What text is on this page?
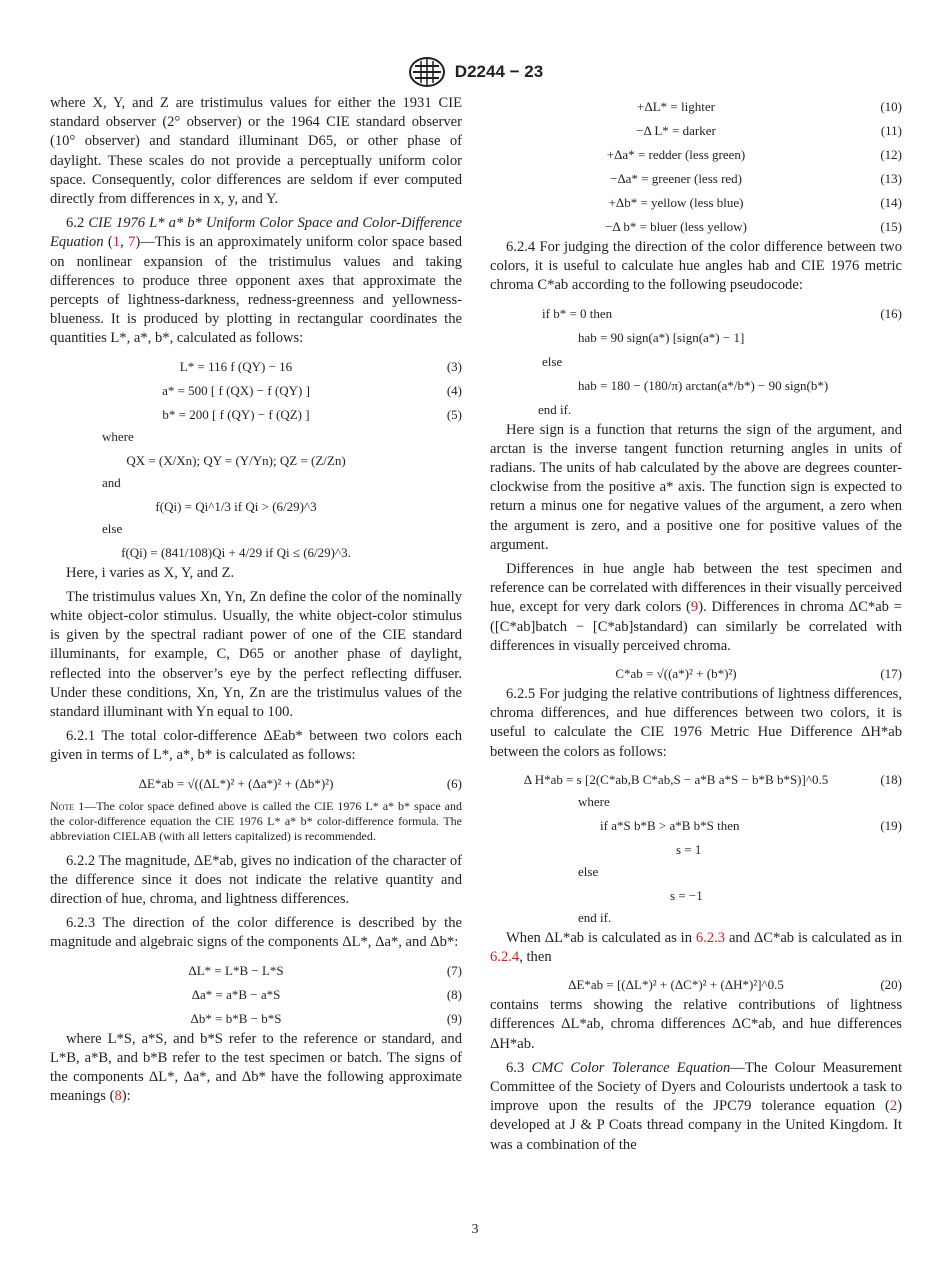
D2244 − 23

where X, Y, and Z are tristimulus values for either the 1931 CIE standard observer (2° observer) or the 1964 CIE standard observer (10° observer) and standard illuminant D65, or other phase of daylight. These scales do not provide a perceptually uniform color space. Consequently, color differences are seldom if ever computed directly from differences in x, y, and Y.

6.2 CIE 1976 L* a* b* Uniform Color Space and Color-Difference Equation (1, 7)—This is an approximately uniform color space based on nonlinear expansion of the tristimulus values and taking differences to produce three opponent axes that approximate the percepts of lightness-darkness, redness-greenness and yellowness-blueness. It is produced by plotting in rectangular coordinates the quantities L*, a*, b*, calculated as follows:

L* = 116 f (QY) − 16	(3)
a* = 500 [ f (QX) − f (QY) ]	(4)
b* = 200 [ f (QY) − f (QZ) ]	(5)
where
QX = (X/Xn); QY = (Y/Yn); QZ = (Z/Zn)
and
f(Qi) = Qi^1/3 if Qi > (6/29)^3
else
f(Qi) = (841/108)Qi + 4/29 if Qi ≤ (6/29)^3.

Here, i varies as X, Y, and Z.

The tristimulus values Xn, Yn, Zn define the color of the nominally white object-color stimulus. Usually, the white object-color stimulus is given by the spectral radiant power of one of the CIE standard illuminants, for example, C, D65 or another phase of daylight, reflected into the observer’s eye by the perfect reflecting diffuser. Under these conditions, Xn, Yn, Zn are the tristimulus values of the standard illuminant with Yn equal to 100.

6.2.1 The total color-difference ΔEab* between two colors each given in terms of L*, a*, b* is calculated as follows:

ΔE*ab = √((ΔL*)² + (Δa*)² + (Δb*)²)	(6)
Note 1—The color space defined above is called the CIE 1976 L* a* b* space and the color-difference equation the CIE 1976 L* a* b* color-difference formula. The abbreviation CIELAB (with all letters capitalized) is recommended.

6.2.2 The magnitude, ΔE*ab, gives no indication of the character of the difference since it does not indicate the relative quantity and direction of hue, chroma, and lightness differences.

6.2.3 The direction of the color difference is described by the magnitude and algebraic signs of the components ΔL*, Δa*, and Δb*:

ΔL* = L*B − L*S	(7)
Δa* = a*B − a*S	(8)
Δb* = b*B − b*S	(9)

where L*S, a*S, and b*S refer to the reference or standard, and L*B, a*B, and b*B refer to the test specimen or batch. The signs of the components ΔL*, Δa*, and Δb* have the following approximate meanings (8):

+ΔL* = lighter	(10)
−Δ L* = darker	(11)
+Δa* = redder (less green)	(12)
−Δa* = greener (less red)	(13)
+Δb* = yellow (less blue)	(14)
−Δ b* = bluer (less yellow)	(15)

6.2.4 For judging the direction of the color difference between two colors, it is useful to calculate hue angles hab and CIE 1976 metric chroma C*ab according to the following pseudocode:

if b* = 0 then	(16)
hab = 90 sign(a*) [sign(a*) − 1]
else
hab = 180 − (180/π) arctan(a*/b*) − 90 sign(b*)
end if.

Here sign is a function that returns the sign of the argument, and arctan is the inverse tangent function returning angles in units of radians. The units of hab calculated by the above are degrees counter-clockwise from the positive a* axis. The function sign is expected to return a minus one for negative values of the argument, a zero when the argument is zero, and a positive one for positive values of the argument.

Differences in hue angle hab between the test specimen and reference can be correlated with differences in their visually perceived hue, except for very dark colors (9). Differences in chroma ΔC*ab = ([C*ab]batch − [C*ab]standard) can similarly be correlated with differences in visually perceived chroma.

C*ab = √((a*)² + (b*)²)	(17)

6.2.5 For judging the relative contributions of lightness differences, chroma differences, and hue differences between two colors, it is useful to calculate the CIE 1976 Metric Hue Difference ΔH*ab between the colors as follows:

Δ H*ab = s [2(C*ab,B C*ab,S − a*B a*S − b*B b*S)]^0.5	(18)
where
if a*S b*B > a*B b*S then	(19)
s = 1
else
s = −1
end if.

When ΔL*ab is calculated as in 6.2.3 and ΔC*ab is calculated as in 6.2.4, then

ΔE*ab = [(ΔL*)² + (ΔC*)² + (ΔH*)²]^0.5	(20)

contains terms showing the relative contributions of lightness differences ΔL*ab, chroma differences ΔC*ab, and hue differences ΔH*ab.

6.3 CMC Color Tolerance Equation—The Colour Measurement Committee of the Society of Dyers and Colourists undertook a task to improve upon the results of the JPC79 tolerance equation (2) developed at J & P Coats thread company in the United Kingdom. It was a combination of the

3
